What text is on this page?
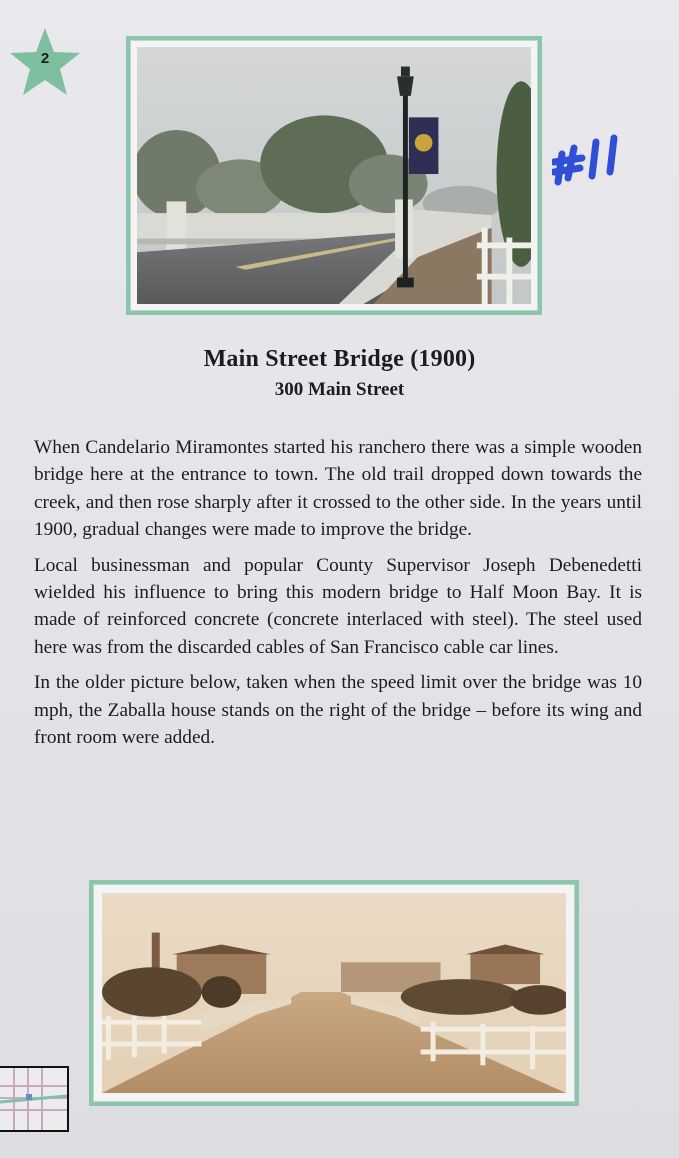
2
Main Street Bridge (1900)
300 Main Street

When Candelario Miramontes started his ranchero there was a simple wooden bridge here at the entrance to town. The old trail dropped down towards the creek, and then rose sharply after it crossed to the other side. In the years until 1900, gradual changes were made to improve the bridge.

Local businessman and popular County Supervisor Joseph Debenedetti wielded his influence to bring this modern bridge to Half Moon Bay. It is made of reinforced concrete (concrete interlaced with steel). The steel used here was from the discarded cables of San Francisco cable car lines.

In the older picture below, taken when the speed limit over the bridge was 10 mph, the Zaballa house stands on the right of the bridge – before its wing and front room were added.
